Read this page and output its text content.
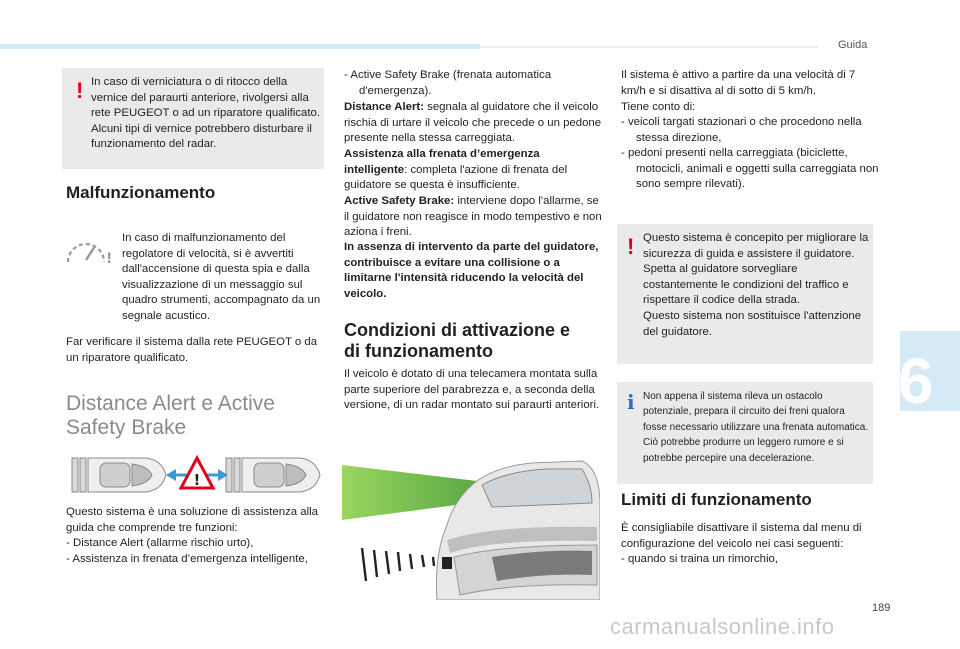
Guida
6
189
carmanualsonline.info
! In caso di verniciatura o di ritocco della vernice del paraurti anteriore, rivolgersi alla rete PEUGEOT o ad un riparatore qualificato. Alcuni tipi di vernice potrebbero disturbare il funzionamento del radar.
Malfunzionamento
!
In caso di malfunzionamento del regolatore di velocità, si è avvertiti dall'accensione di questa spia e dalla visualizzazione di un messaggio sul quadro strumenti, accompagnato da un segnale acustico.
Far verificare il sistema dalla rete PEUGEOT o da un riparatore qualificato.
Distance Alert e Active
Safety Brake
!
Questo sistema è una soluzione di assistenza alla guida che comprende tre funzioni:
- Distance Alert (allarme rischio urto),
- Assistenza in frenata d’emergenza intelligente,
- Active Safety Brake (frenata automatica d'emergenza).
Distance Alert: segnala al guidatore che il veicolo rischia di urtare il veicolo che precede o un pedone presente nella stessa carreggiata.
Assistenza alla frenata d’emergenza intelligente: completa l'azione di frenata del guidatore se questa è insufficiente.
Active Safety Brake: interviene dopo l'allarme, se il guidatore non reagisce in modo tempestivo e non aziona i freni.
In assenza di intervento da parte del guidatore, contribuisce a evitare una collisione o a limitarne l'intensità riducendo la velocità del veicolo.
Condizioni di attivazione e
di funzionamento
Il veicolo è dotato di una telecamera montata sulla parte superiore del parabrezza e, a seconda della versione, di un radar montato sui paraurti anteriori.
Il sistema è attivo a partire da una velocità di 7 km/h e si disattiva al di sotto di 5 km/h.
Tiene conto di:
- veicoli targati stazionari o che procedono nella stessa direzione,
- pedoni presenti nella carreggiata (biciclette, motocicli, animali e oggetti sulla carreggiata non sono sempre rilevati).
! Questo sistema è concepito per migliorare la sicurezza di guida e assistere il guidatore.
Spetta al guidatore sorvegliare costantemente le condizioni del traffico e rispettare il codice della strada.
Questo sistema non sostituisce l'attenzione del guidatore.
i Non appena il sistema rileva un ostacolo potenziale, prepara il circuito dei freni qualora fosse necessario utilizzare una frenata automatica. Ciò potrebbe produrre un leggero rumore e si potrebbe percepire una decelerazione.
Limiti di funzionamento
È consigliabile disattivare il sistema dal menu di configurazione del veicolo nei casi seguenti:
- quando si traina un rimorchio,
